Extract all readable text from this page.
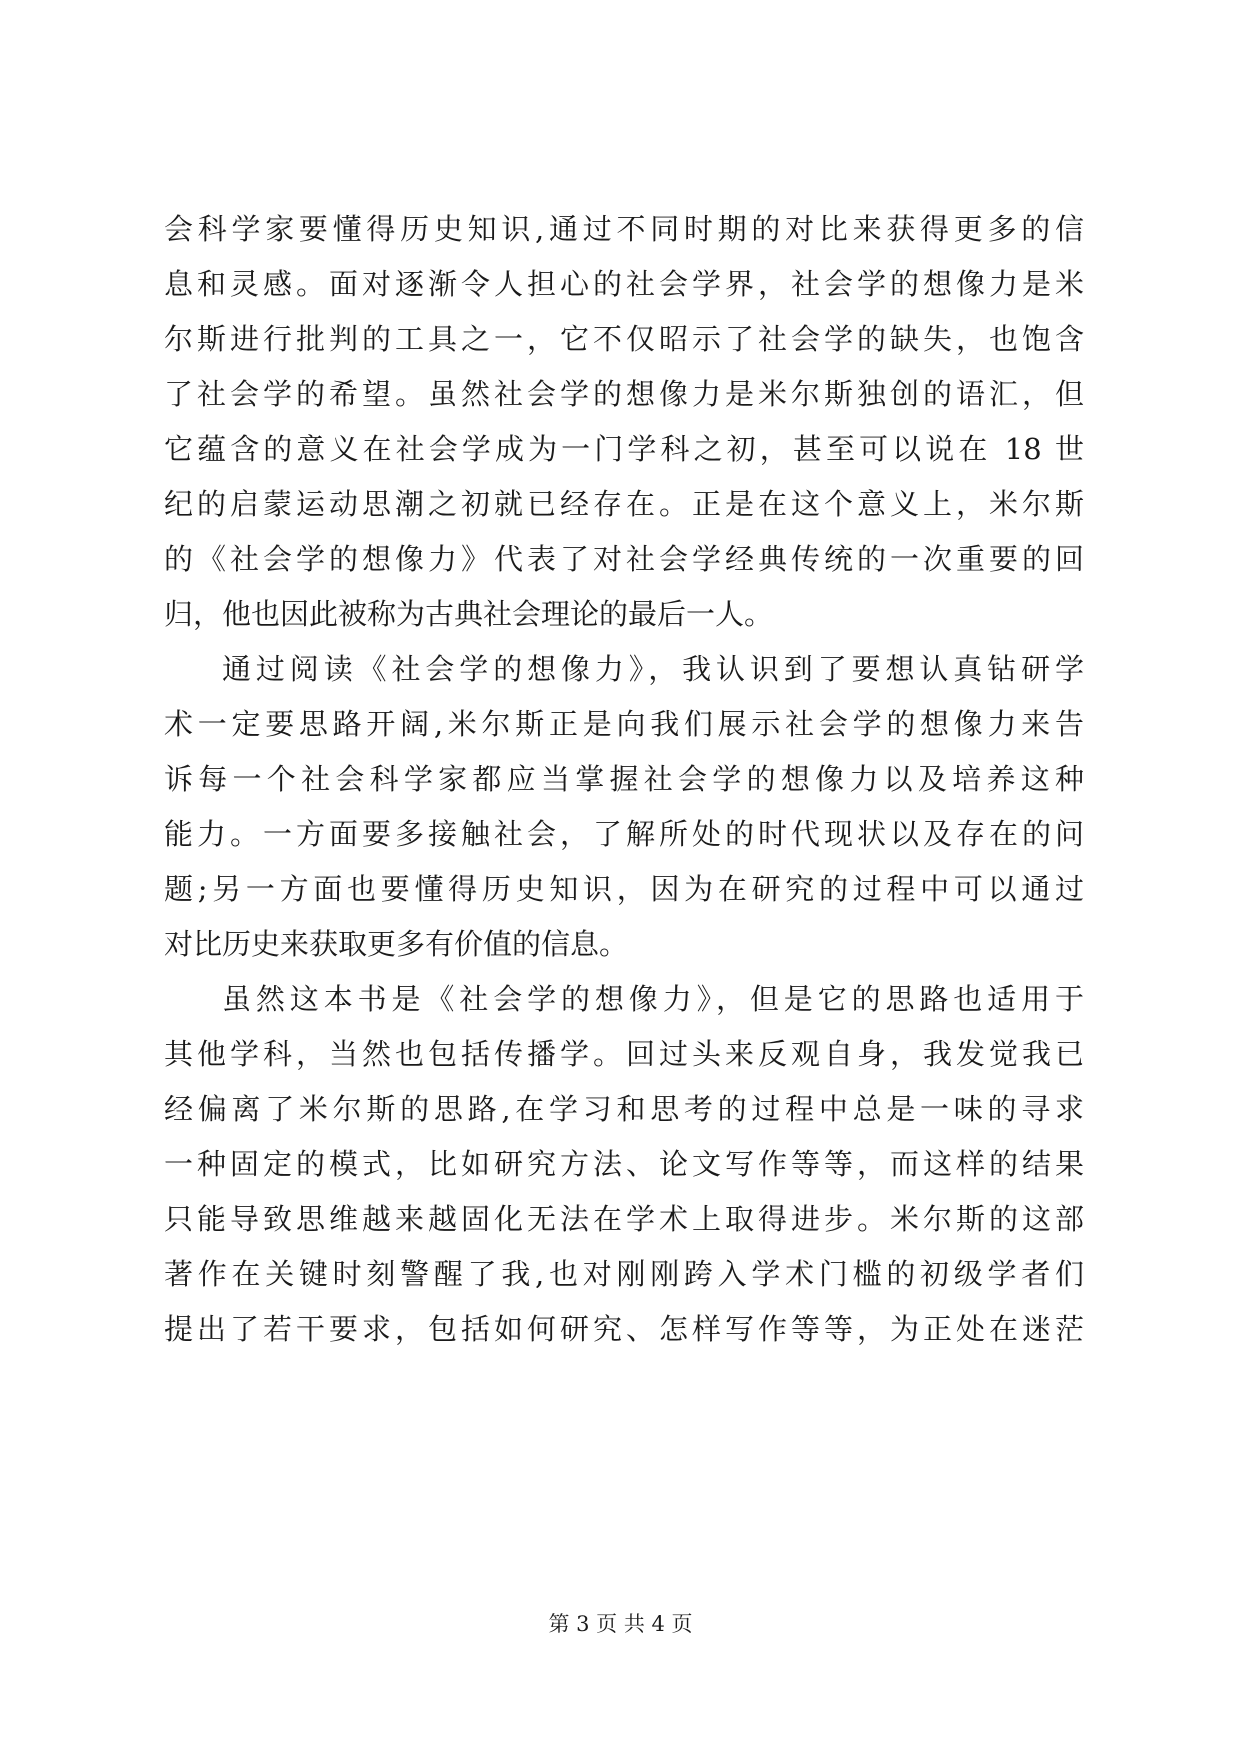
会科学家要懂得历史知识,通过不同时期的对比来获得更多的信
息和灵感。面对逐渐令人担心的社会学界，社会学的想像力是米
尔斯进行批判的工具之一，它不仅昭示了社会学的缺失，也饱含
了社会学的希望。虽然社会学的想像力是米尔斯独创的语汇，但
它蕴含的意义在社会学成为一门学科之初，甚至可以说在 18 世
纪的启蒙运动思潮之初就已经存在。正是在这个意义上，米尔斯
的《社会学的想像力》代表了对社会学经典传统的一次重要的回
归，他也因此被称为古典社会理论的最后一人。
通过阅读《社会学的想像力》，我认识到了要想认真钻研学
术一定要思路开阔,米尔斯正是向我们展示社会学的想像力来告
诉每一个社会科学家都应当掌握社会学的想像力以及培养这种
能力。一方面要多接触社会，了解所处的时代现状以及存在的问
题;另一方面也要懂得历史知识，因为在研究的过程中可以通过
对比历史来获取更多有价值的信息。
虽然这本书是《社会学的想像力》，但是它的思路也适用于
其他学科，当然也包括传播学。回过头来反观自身，我发觉我已
经偏离了米尔斯的思路,在学习和思考的过程中总是一味的寻求
一种固定的模式，比如研究方法、论文写作等等，而这样的结果
只能导致思维越来越固化无法在学术上取得进步。米尔斯的这部
著作在关键时刻警醒了我,也对刚刚跨入学术门槛的初级学者们
提出了若干要求，包括如何研究、怎样写作等等，为正处在迷茫
第 3 页 共 4 页
